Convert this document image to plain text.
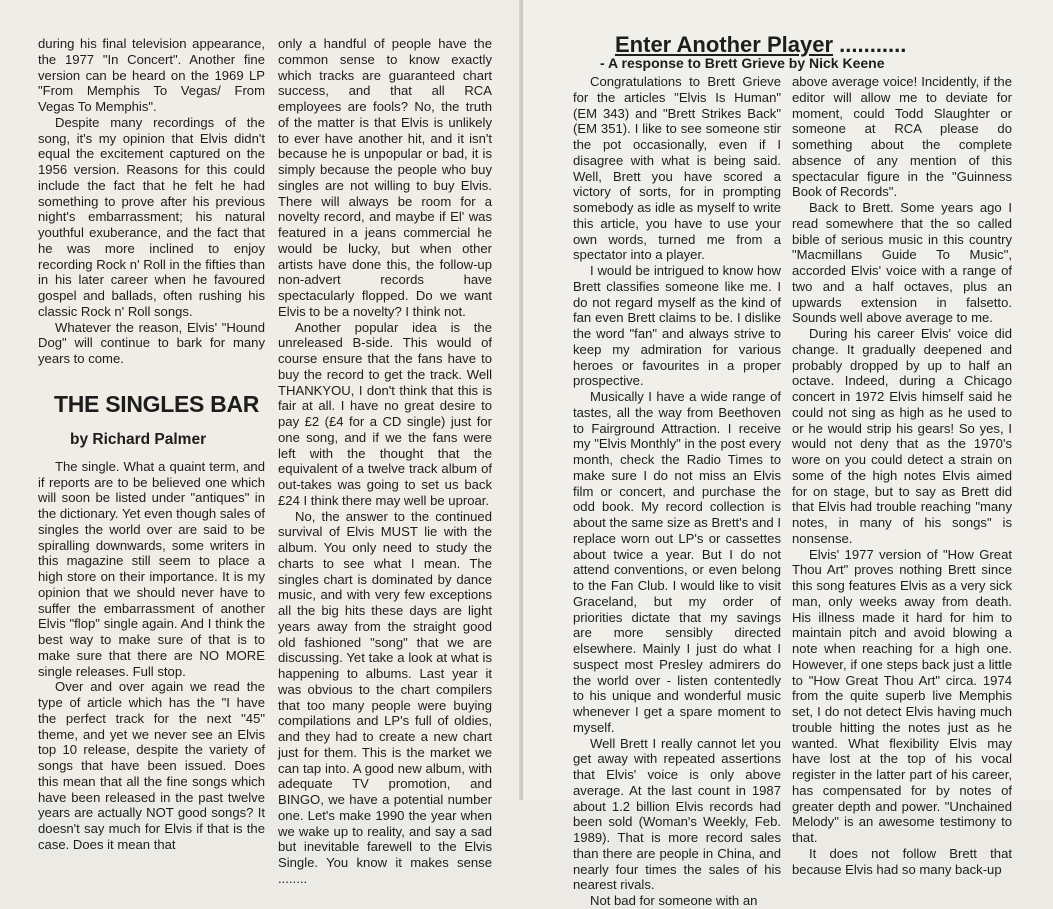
during his final television appearance, the 1977 "In Concert". Another fine version can be heard on the 1969 LP "From Memphis To Vegas/ From Vegas To Memphis".

Despite many recordings of the song, it's my opinion that Elvis didn't equal the excitement captured on the 1956 version. Reasons for this could include the fact that he felt he had something to prove after his previous night's embarrassment; his natural youthful exuberance, and the fact that he was more inclined to enjoy recording Rock n' Roll in the fifties than in his later career when he favoured gospel and ballads, often rushing his classic Rock n' Roll songs.

Whatever the reason, Elvis' "Hound Dog" will continue to bark for many years to come.

THE SINGLES BAR
by Richard Palmer

The single. What a quaint term, and if reports are to be believed one which will soon be listed under "antiques" in the dictionary. Yet even though sales of singles the world over are said to be spiralling downwards, some writers in this magazine still seem to place a high store on their importance. It is my opinion that we should never have to suffer the embarrassment of another Elvis "flop" single again. And I think the best way to make sure of that is to make sure that there are NO MORE single releases. Full stop.

Over and over again we read the type of article which has the "I have the perfect track for the next "45" theme, and yet we never see an Elvis top 10 release, despite the variety of songs that have been issued. Does this mean that all the fine songs which have been released in the past twelve years are actually NOT good songs? It doesn't say much for Elvis if that is the case. Does it mean that

only a handful of people have the common sense to know exactly which tracks are guaranteed chart success, and that all RCA employees are fools? No, the truth of the matter is that Elvis is unlikely to ever have another hit, and it isn't because he is unpopular or bad, it is simply because the people who buy singles are not willing to buy Elvis. There will always be room for a novelty record, and maybe if El' was featured in a jeans commercial he would be lucky, but when other artists have done this, the follow-up non-advert records have spectacularly flopped. Do we want Elvis to be a novelty? I think not.

Another popular idea is the unreleased B-side. This would of course ensure that the fans have to buy the record to get the track. Well THANKYOU, I don't think that this is fair at all. I have no great desire to pay £2 (£4 for a CD single) just for one song, and if we the fans were left with the thought that the equivalent of a twelve track album of out-takes was going to set us back £24 I think there may well be uproar.

No, the answer to the continued survival of Elvis MUST lie with the album. You only need to study the charts to see what I mean. The singles chart is dominated by dance music, and with very few exceptions all the big hits these days are light years away from the straight good old fashioned "song" that we are discussing. Yet take a look at what is happening to albums. Last year it was obvious to the chart compilers that too many people were buying compilations and LP's full of oldies, and they had to create a new chart just for them. This is the market we can tap into. A good new album, with adequate TV promotion, and BINGO, we have a potential number one. Let's make 1990 the year when we wake up to reality, and say a sad but inevitable farewell to the Elvis Single. You know it makes sense ........

Enter Another Player ...........
- A response to Brett Grieve by Nick Keene

Congratulations to Brett Grieve for the articles "Elvis Is Human" (EM 343) and "Brett Strikes Back" (EM 351). I like to see someone stir the pot occasionally, even if I disagree with what is being said. Well, Brett you have scored a victory of sorts, for in prompting somebody as idle as myself to write this article, you have to use your own words, turned me from a spectator into a player.

I would be intrigued to know how Brett classifies someone like me. I do not regard myself as the kind of fan even Brett claims to be. I dislike the word "fan" and always strive to keep my admiration for various heroes or favourites in a proper prospective.

Musically I have a wide range of tastes, all the way from Beethoven to Fairground Attraction. I receive my "Elvis Monthly" in the post every month, check the Radio Times to make sure I do not miss an Elvis film or concert, and purchase the odd book. My record collection is about the same size as Brett's and I replace worn out LP's or cassettes about twice a year. But I do not attend conventions, or even belong to the Fan Club. I would like to visit Graceland, but my order of priorities dictate that my savings are more sensibly directed elsewhere. Mainly I just do what I suspect most Presley admirers do the world over - listen contentedly to his unique and wonderful music whenever I get a spare moment to myself.

Well Brett I really cannot let you get away with repeated assertions that Elvis' voice is only above average. At the last count in 1987 about 1.2 billion Elvis records had been sold (Woman's Weekly, Feb. 1989). That is more record sales than there are people in China, and nearly four times the sales of his nearest rivals.

Not bad for someone with an

above average voice! Incidently, if the editor will allow me to deviate for moment, could Todd Slaughter or someone at RCA please do something about the complete absence of any mention of this spectacular figure in the "Guinness Book of Records".

Back to Brett. Some years ago I read somewhere that the so called bible of serious music in this country "Macmillans Guide To Music", accorded Elvis' voice with a range of two and a half octaves, plus an upwards extension in falsetto. Sounds well above average to me.

During his career Elvis' voice did change. It gradually deepened and probably dropped by up to half an octave. Indeed, during a Chicago concert in 1972 Elvis himself said he could not sing as high as he used to or he would strip his gears! So yes, I would not deny that as the 1970's wore on you could detect a strain on some of the high notes Elvis aimed for on stage, but to say as Brett did that Elvis had trouble reaching "many notes, in many of his songs" is nonsense.

Elvis' 1977 version of "How Great Thou Art" proves nothing Brett since this song features Elvis as a very sick man, only weeks away from death. His illness made it hard for him to maintain pitch and avoid blowing a note when reaching for a high one. However, if one steps back just a little to "How Great Thou Art" circa. 1974 from the quite superb live Memphis set, I do not detect Elvis having much trouble hitting the notes just as he wanted. What flexibility Elvis may have lost at the top of his vocal register in the latter part of his career, has compensated for by notes of greater depth and power. "Unchained Melody" is an awesome testimony to that.

It does not follow Brett that because Elvis had so many back-up
